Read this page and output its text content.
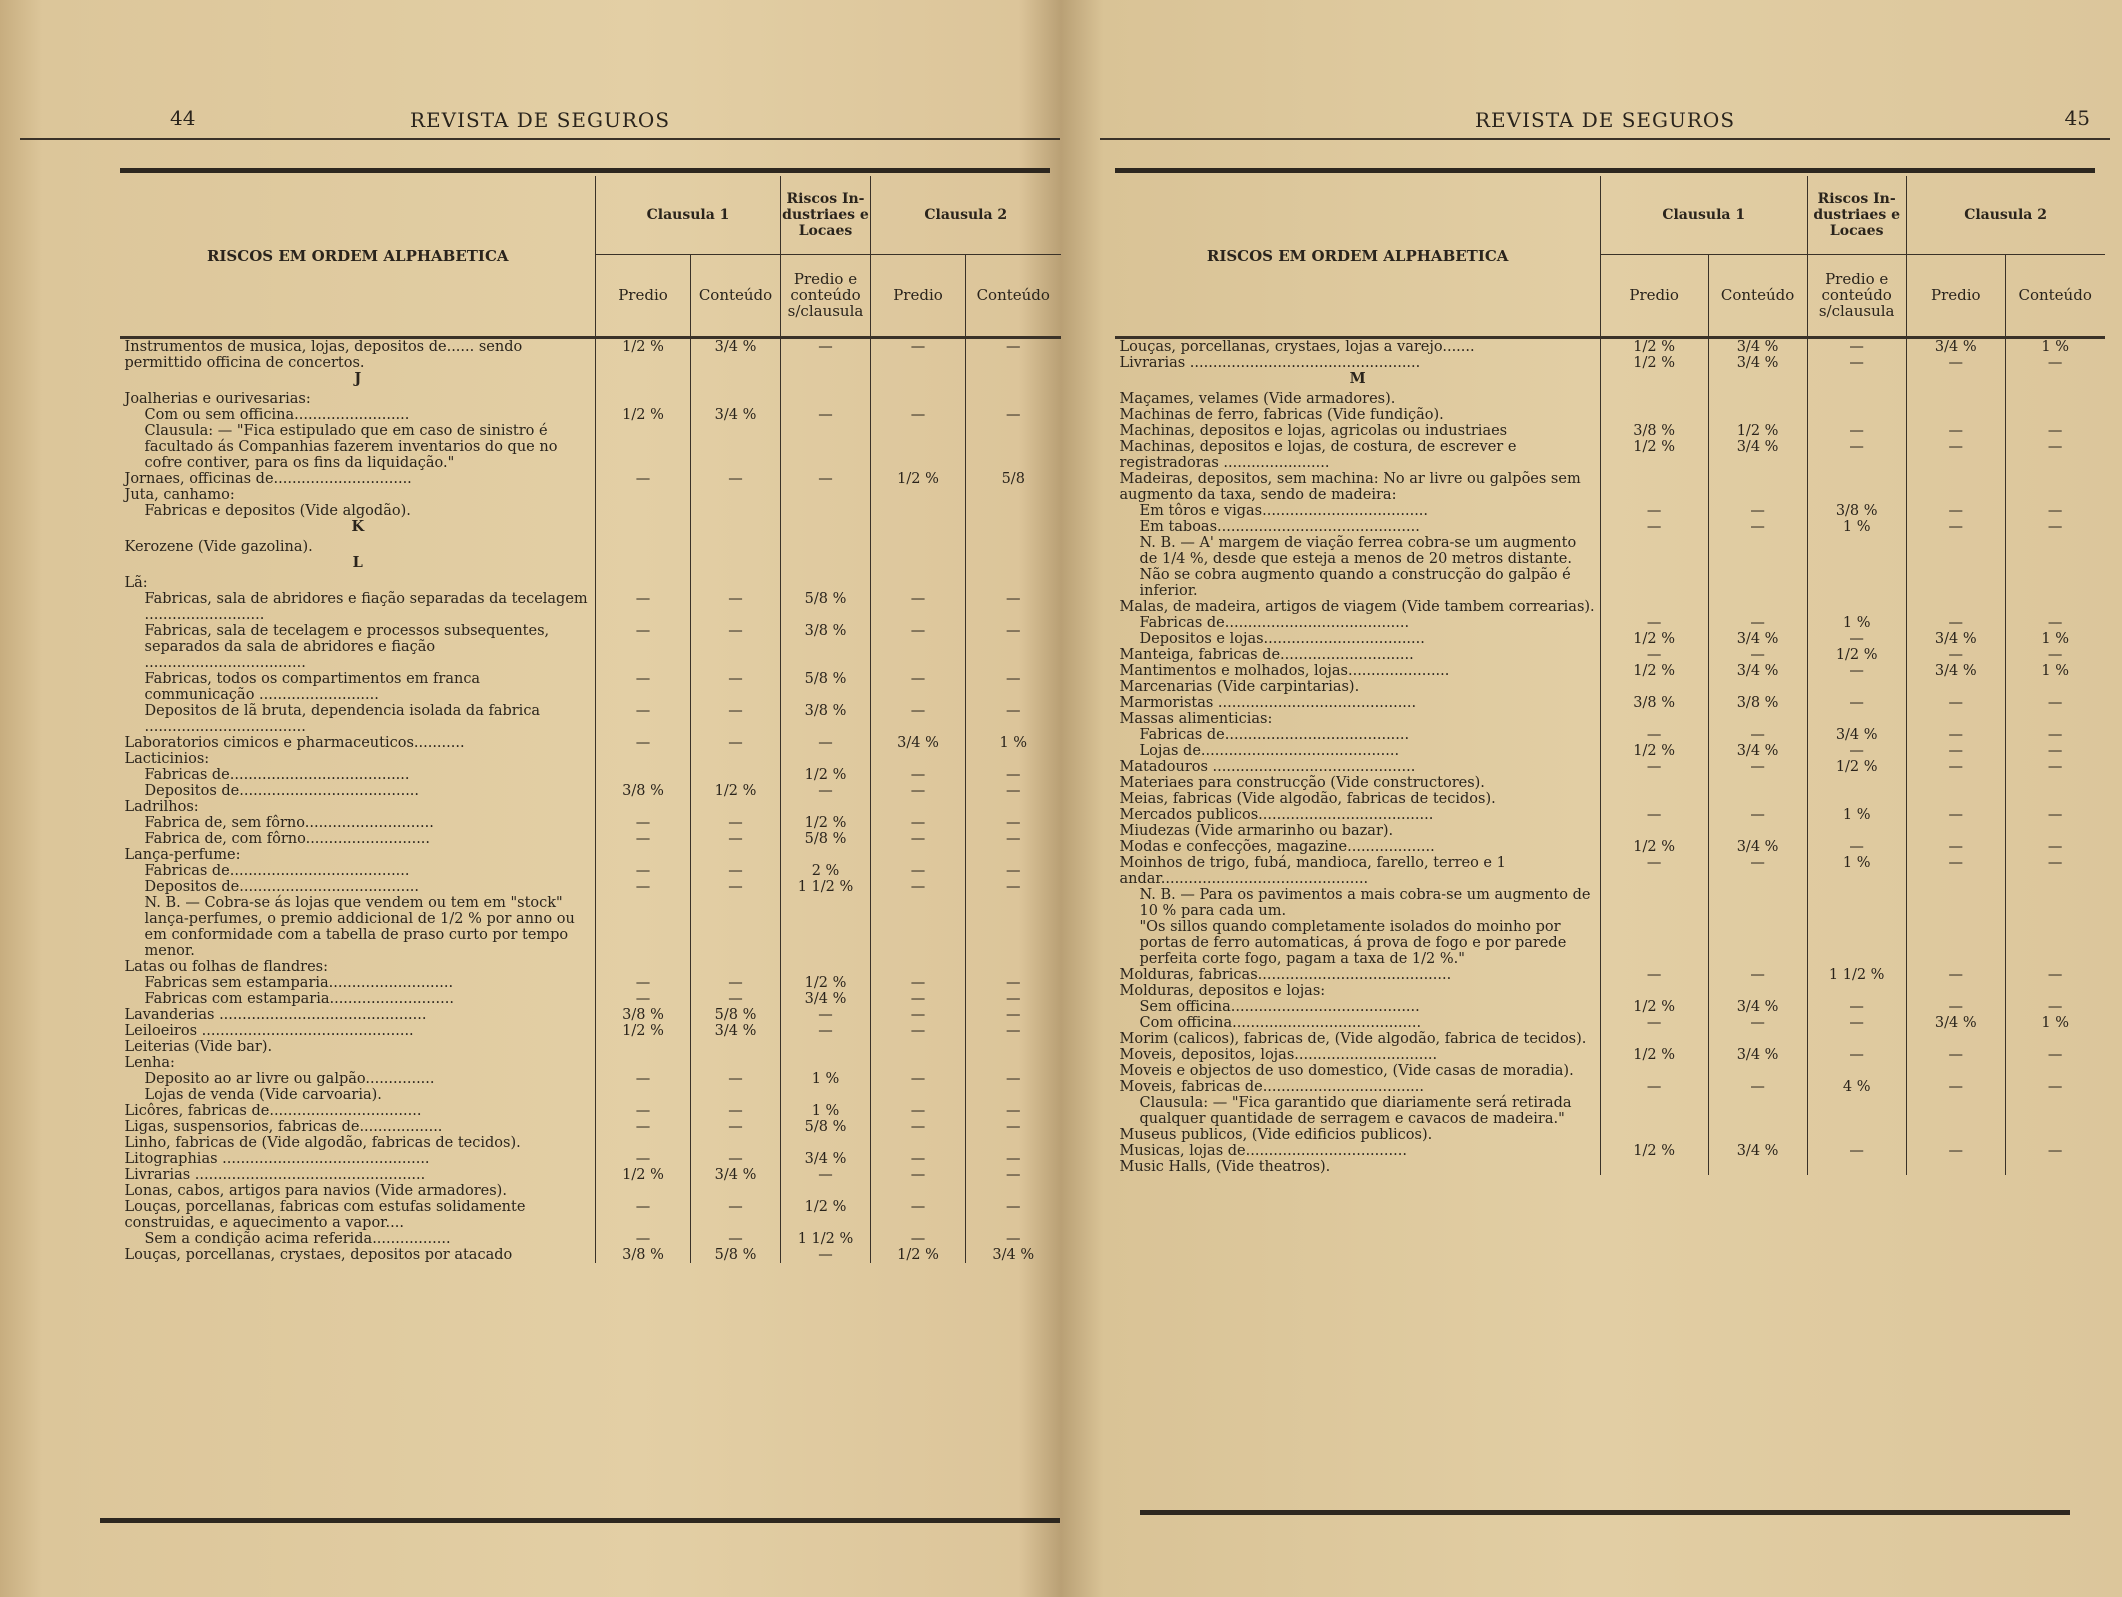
44	REVISTA DE SEGUROS
RISCOS EM ORDEM ALPHABETICA	Clausula 1		Riscos In- dustriaes e Locaes	Clausula 2	
	Predio	Conteúdo	Predio e conteúdo s/clausula	Predio	Conteúdo

Instrumentos de musica, lojas, depositos de...... sendo permittido officina de concertos.	1/2 %	3/4 %	—	—	—
J					
Joalherias e ourivesarias:					
Com ou sem officina.........................	1/2 %	3/4 %	—	—	—
Clausula: — "Fica estipulado que em caso de sinistro é facultado ás Companhias fazerem inventarios do que no cofre contiver, para os fins da liquidação."					
Jornaes, officinas de..............................	—	—	—	1/2 %	5/8
Juta, canhamo:					
Fabricas e depositos (Vide algodão).					
K					
Kerozene (Vide gazolina).					
L					
Lã:					
Fabricas, sala de abridores e fiação separadas da tecelagem ..........................	—	—	5/8 %	—	—
Fabricas, sala de tecelagem e processos subsequentes, separados da sala de abridores e fiação ...................................	—	—	3/8 %	—	—
Fabricas, todos os compartimentos em franca communicação ..........................	—	—	5/8 %	—	—
Depositos de lã bruta, dependencia isolada da fabrica ...................................	—	—	3/8 %	—	—
Laboratorios cimicos e pharmaceuticos...........	—	—	—	3/4 %	1 %
Lacticinios:					
Fabricas de.......................................			1/2 %	—	—
Depositos de.......................................	3/8 %	1/2 %	—	—	—
Ladrilhos:					
Fabrica de, sem fôrno............................	—	—	1/2 %	—	—
Fabrica de, com fôrno...........................	—	—	5/8 %	—	—
Lança-perfume:					
Fabricas de.......................................	—	—	2 %	—	—
Depositos de.......................................	—	—	1 1/2 %	—	—
N. B. — Cobra-se ás lojas que vendem ou tem em "stock" lança-perfumes, o premio addicional de 1/2 % por anno ou em conformidade com a tabella de praso curto por tempo menor.					
Latas ou folhas de flandres:					
Fabricas sem estamparia...........................	—	—	1/2 %	—	—
Fabricas com estamparia...........................	—	—	3/4 %	—	—
Lavanderias .............................................	3/8 %	5/8 %	—	—	—
Leiloeiros ..............................................	1/2 %	3/4 %	—	—	—
Leiterias (Vide bar).					
Lenha:					
Deposito ao ar livre ou galpão...............	—	—	1 %	—	—
Lojas de venda (Vide carvoaria).					
Licôres, fabricas de.................................	—	—	1 %	—	—
Ligas, suspensorios, fabricas de..................	—	—	5/8 %	—	—
Linho, fabricas de (Vide algodão, fabricas de tecidos).					
Litographias .............................................	—	—	3/4 %	—	—
Livrarias ..................................................	1/2 %	3/4 %	—	—	—
Lonas, cabos, artigos para navios (Vide armadores).					
Louças, porcellanas, fabricas com estufas solidamente construidas, e aquecimento a vapor....	—	—	1/2 %	—	—
Sem a condição acima referida.................	—	—	1 1/2 %	—	—
Louças, porcellanas, crystaes, depositos por atacado	3/8 %	5/8 %	—	1/2 %	3/4 %
REVISTA DE SEGUROS	45
RISCOS EM ORDEM ALPHABETICA	Clausula 1		Riscos In- dustriaes e Locaes	Clausula 2	
	Predio	Conteúdo	Predio e conteúdo s/clausula	Predio	Conteúdo

Louças, porcellanas, crystaes, lojas a varejo.......	1/2 %	3/4 %	—	3/4 %	1 %
Livrarias ..................................................	1/2 %	3/4 %	—	—	—
M					
Maçames, velames (Vide armadores).					
Machinas de ferro, fabricas (Vide fundição).					
Machinas, depositos e lojas, agricolas ou industriaes	3/8 %	1/2 %	—	—	—
Machinas, depositos e lojas, de costura, de escrever e registradoras .......................	1/2 %	3/4 %	—	—	—
Madeiras, depositos, sem machina: No ar livre ou galpões sem augmento da taxa, sendo de madeira:					
Em tôros e vigas....................................	—	—	3/8 %	—	—
Em taboas............................................	—	—	1 %	—	—
N. B. — A' margem de viação ferrea cobra-se um augmento de 1/4 %, desde que esteja a menos de 20 metros distante.					
Não se cobra augmento quando a construcção do galpão é inferior.					
Malas, de madeira, artigos de viagem (Vide tambem correarias).					
Fabricas de........................................	—	—	1 %	—	—
Depositos e lojas...................................	1/2 %	3/4 %	—	3/4 %	1 %
Manteiga, fabricas de.............................	—	—	1/2 %	—	—
Mantimentos e molhados, lojas......................	1/2 %	3/4 %	—	3/4 %	1 %
Marcenarias (Vide carpintarias).					
Marmoristas ...........................................	3/8 %	3/8 %	—	—	—
Massas alimenticias:					
Fabricas de........................................	—	—	3/4 %	—	—
Lojas de...........................................	1/2 %	3/4 %	—	—	—
Matadouros ............................................	—	—	1/2 %	—	—
Materiaes para construcção (Vide constructores).					
Meias, fabricas (Vide algodão, fabricas de tecidos).					
Mercados publicos......................................	—	—	1 %	—	—
Miudezas (Vide armarinho ou bazar).					
Modas e confecções, magazine...................	1/2 %	3/4 %	—	—	—
Moinhos de trigo, fubá, mandioca, farello, terreo e 1 andar.............................................	—	—	1 %	—	—
N. B. — Para os pavimentos a mais cobra-se um augmento de 10 % para cada um.					
"Os sillos quando completamente isolados do moinho por portas de ferro automaticas, á prova de fogo e por parede perfeita corte fogo, pagam a taxa de 1/2 %."					
Molduras, fabricas..........................................	—	—	1 1/2 %	—	—
Molduras, depositos e lojas:					
Sem officina.........................................	1/2 %	3/4 %	—	—	—
Com officina.........................................	—	—	—	3/4 %	1 %
Morim (calicos), fabricas de, (Vide algodão, fabrica de tecidos).					
Moveis, depositos, lojas...............................	1/2 %	3/4 %	—	—	—
Moveis e objectos de uso domestico, (Vide casas de moradia).					
Moveis, fabricas de...................................	—	—	4 %	—	—
Clausula: — "Fica garantido que diariamente será retirada qualquer quantidade de serragem e cavacos de madeira."					
Museus publicos, (Vide edificios publicos).					
Musicas, lojas de...................................	1/2 %	3/4 %	—	—	—
Music Halls, (Vide theatros).					
